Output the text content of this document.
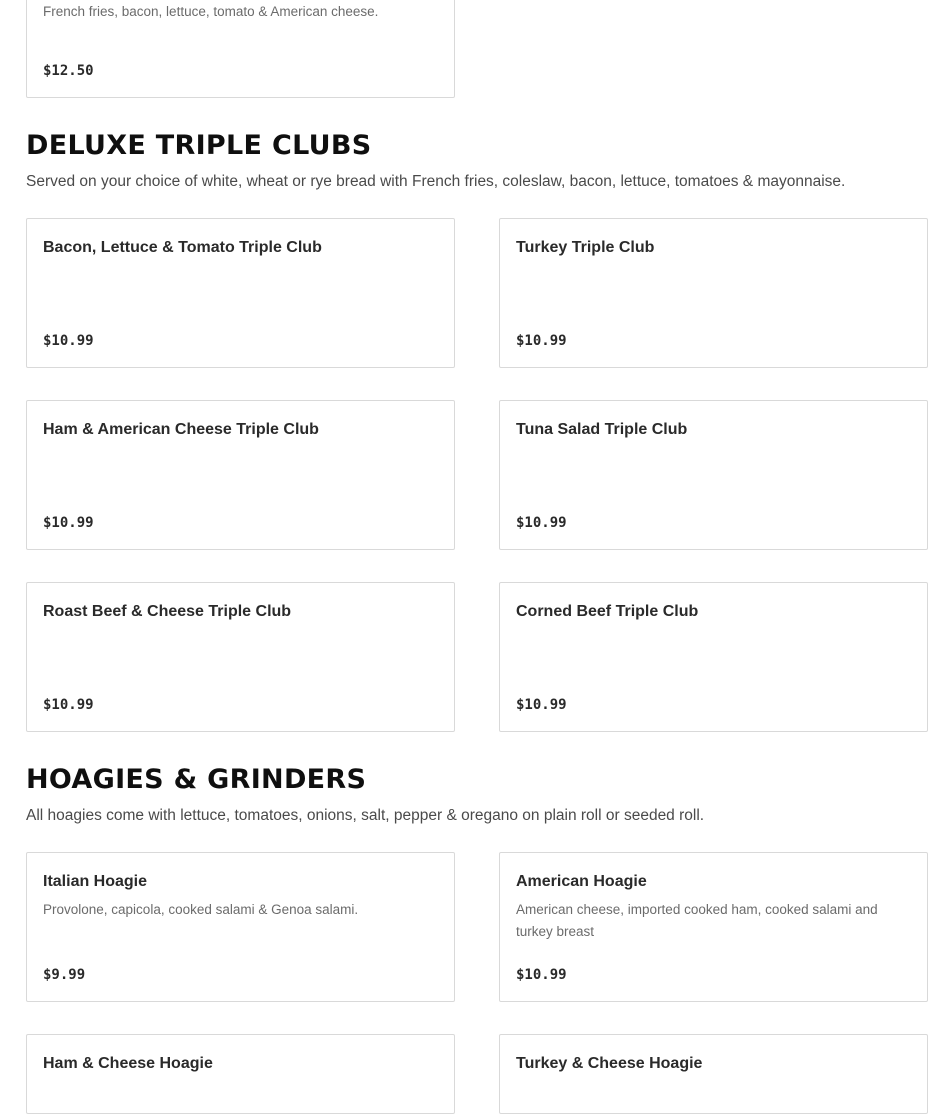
French fries, bacon, lettuce, tomato & American cheese.
$12.50
DELUXE TRIPLE CLUBS

Served on your choice of white, wheat or rye bread with French fries, coleslaw, bacon, lettuce, tomatoes & mayonnaise.

Bacon, Lettuce & Tomato Triple Club
$10.99
Turkey Triple Club
$10.99
Ham & American Cheese Triple Club
$10.99
Tuna Salad Triple Club
$10.99
Roast Beef & Cheese Triple Club
$10.99
Corned Beef Triple Club
$10.99
HOAGIES & GRINDERS

All hoagies come with lettuce, tomatoes, onions, salt, pepper & oregano on plain roll or seeded roll.

Italian Hoagie
Provolone, capicola, cooked salami & Genoa salami.
$9.99
American Hoagie
American cheese, imported cooked ham, cooked salami and turkey breast
$10.99
Ham & Cheese Hoagie	Turkey & Cheese Hoagie
